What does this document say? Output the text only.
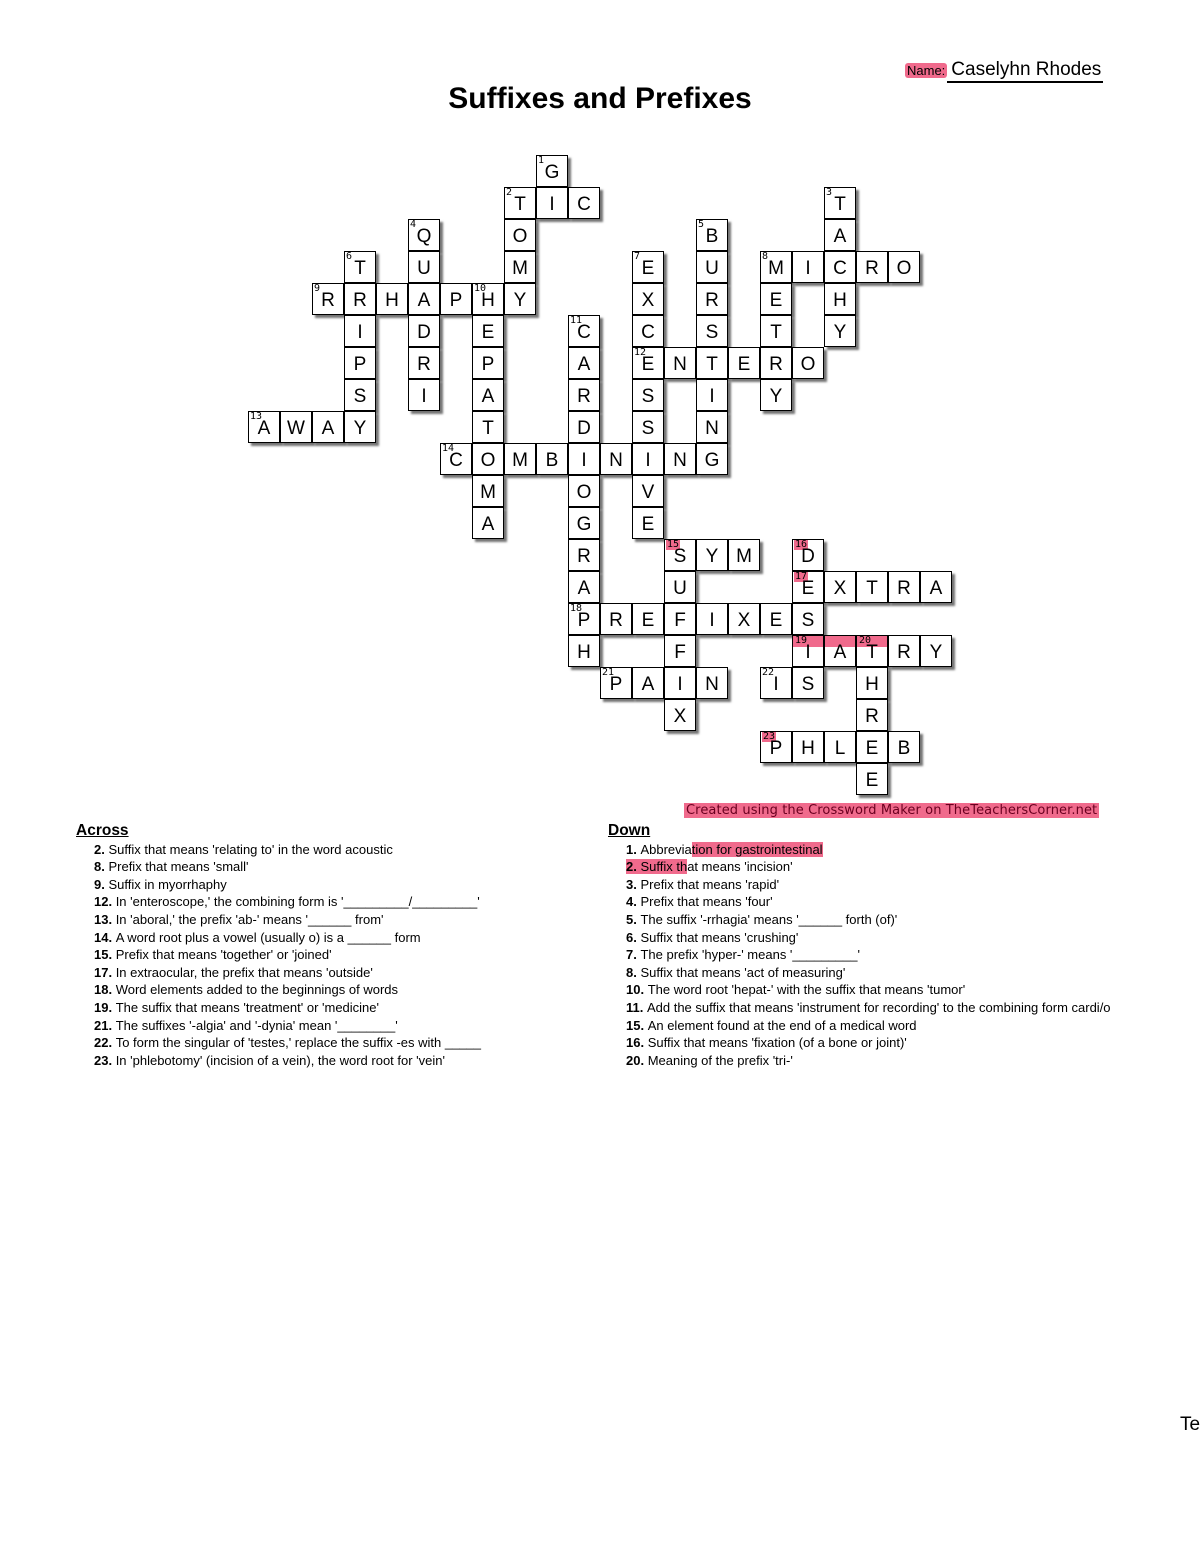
Name: Caselyhn Rhodes
Suffixes and Prefixes
1
G
2
T	I	C
3
T
4
Q	O
5
B	A
6
T	U	M
7
E	U
8
M	I	C R O
9
R R H A	P
10
H Y	X	R	E	H
I	D	E
11
C	C	S	T	Y
P	R	P	A
12
E N	T	E R O
S	I	A	R	S	I	Y
13
A W A	Y	T	D	S	N
14
C O M B	I	N	I	N G
M	O	V
A	G	E
R
15
S	Y M
16
D
A	U
17
E	X	T	R A
18
P R E	F	I	X	E	S
H	F
19
I	A
20
T	R Y
21
P	A	I	N
22
I	S	H
X	R
23
P H	L	E	B
E
Created using the Crossword Maker on TheTeachersCorner.net
Across
2. Suffix that means 'relating to' in the word acoustic
8. Prefix that means 'small'
9. Suffix in myorrhaphy
12. In 'enteroscope,' the combining form is '_________/_________'
13. In 'aboral,' the prefix 'ab-' means '______ from'
14. A word root plus a vowel (usually o) is a ______ form
15. Prefix that means 'together' or 'joined'
17. In extraocular, the prefix that means 'outside'
18. Word elements added to the beginnings of words
19. The suffix that means 'treatment' or 'medicine'
21. The suffixes '-algia' and '-dynia' mean '________'
22. To form the singular of 'testes,' replace the suffix -es with _____
23. In 'phlebotomy' (incision of a vein), the word root for 'vein'
Down
1. Abbreviation for gastrointestinal
2. Suffix that means 'incision'
3. Prefix that means 'rapid'
4. Prefix that means 'four'
5. The suffix '-rrhagia' means '______ forth (of)'
6. Suffix that means 'crushing'
7. The prefix 'hyper-' means '_________'
8. Suffix that means 'act of measuring'
10. The word root 'hepat-' with the suffix that means 'tumor'
11. Add the suffix that means 'instrument for recording' to the combining form cardi/o
15. An element found at the end of a medical word
16. Suffix that means 'fixation (of a bone or joint)'
20. Meaning of the prefix 'tri-'
Te
